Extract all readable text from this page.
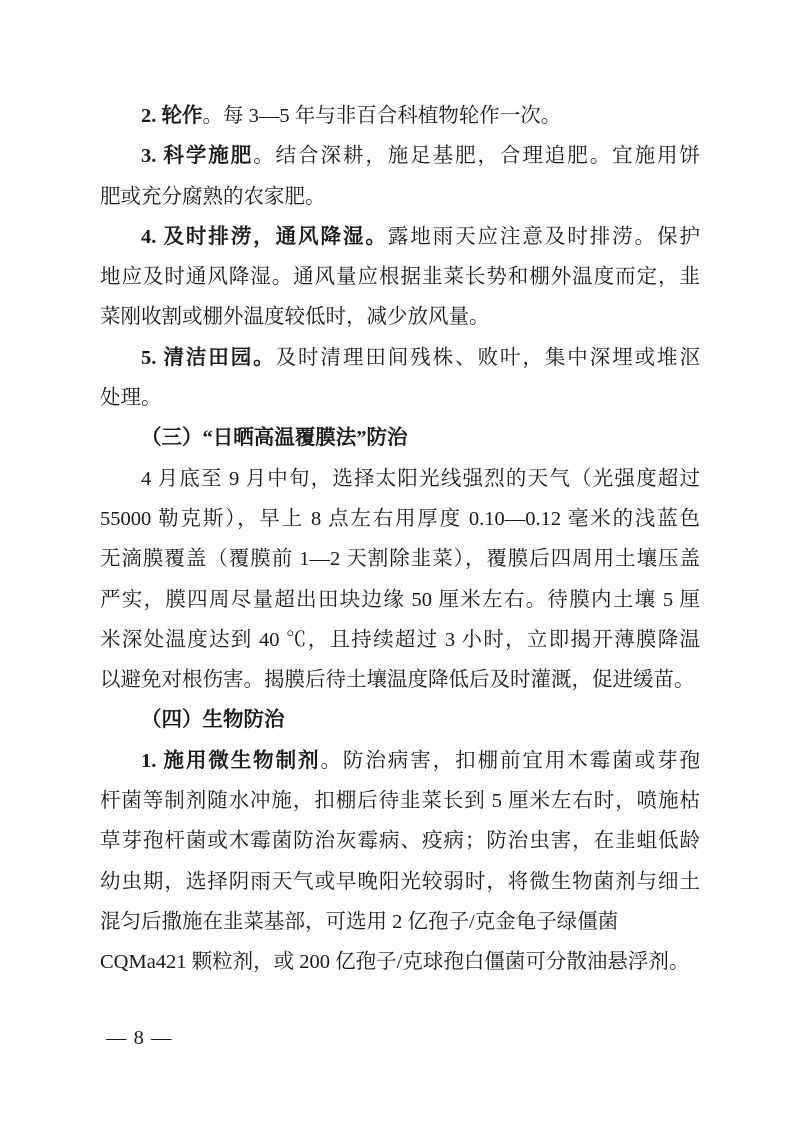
2. 轮作。每 3—5 年与非百合科植物轮作一次。
3. 科学施肥。结合深耕，施足基肥，合理追肥。宜施用饼
肥或充分腐熟的农家肥。
4. 及时排涝，通风降湿。露地雨天应注意及时排涝。保护
地应及时通风降湿。通风量应根据韭菜长势和棚外温度而定，韭
菜刚收割或棚外温度较低时，减少放风量。
5. 清洁田园。及时清理田间残株、败叶，集中深埋或堆沤
处理。
（三）“日晒高温覆膜法”防治
4 月底至 9 月中旬，选择太阳光线强烈的天气（光强度超过
55000 勒克斯），早上 8 点左右用厚度 0.10—0.12 毫米的浅蓝色
无滴膜覆盖（覆膜前 1—2 天割除韭菜），覆膜后四周用土壤压盖
严实，膜四周尽量超出田块边缘 50 厘米左右。待膜内土壤 5 厘
米深处温度达到 40 ℃，且持续超过 3 小时，立即揭开薄膜降温
以避免对根伤害。揭膜后待土壤温度降低后及时灌溉，促进缓苗。
（四）生物防治
1. 施用微生物制剂。防治病害，扣棚前宜用木霉菌或芽孢
杆菌等制剂随水冲施，扣棚后待韭菜长到 5 厘米左右时，喷施枯
草芽孢杆菌或木霉菌防治灰霉病、疫病；防治虫害，在韭蛆低龄
幼虫期，选择阴雨天气或早晚阳光较弱时，将微生物菌剂与细土
混匀后撒施在韭菜基部，可选用 2 亿孢子/克金龟子绿僵菌
CQMa421 颗粒剂，或 200 亿孢子/克球孢白僵菌可分散油悬浮剂。
— 8 —
